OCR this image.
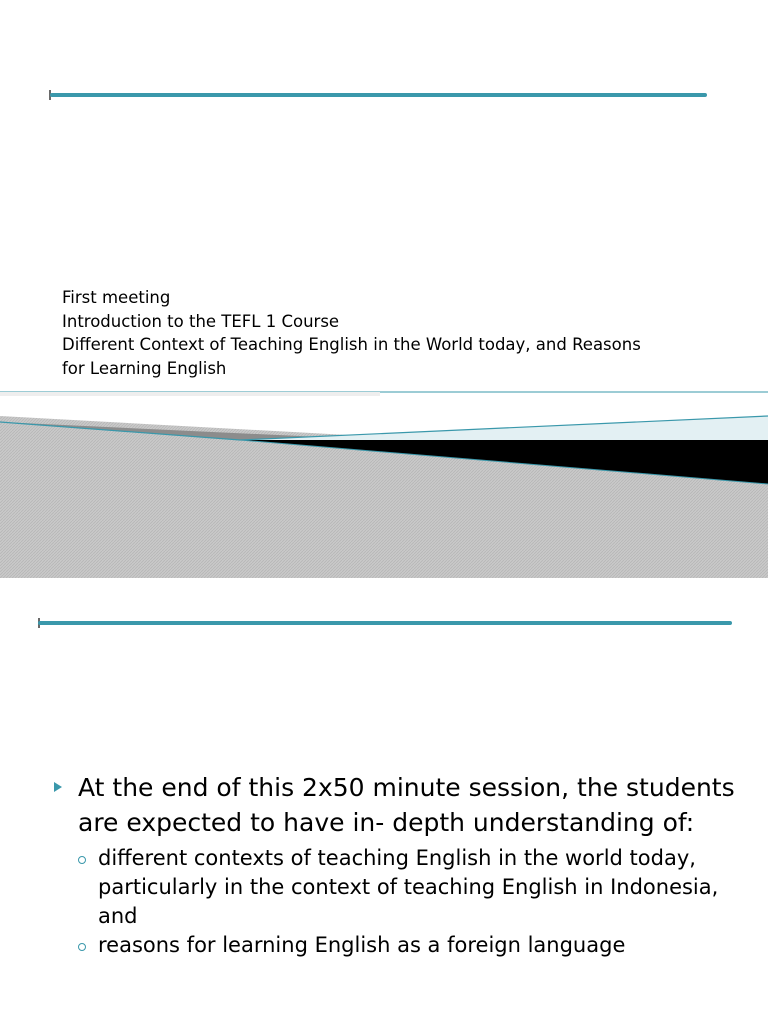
First meeting
Introduction to the TEFL 1 Course
Different Context of Teaching English in the World today, and Reasons
for Learning English
At the end of this 2x50 minute session, the students are expected to have in- depth understanding of:
different contexts of teaching English in the world today, particularly in the context of teaching English in Indonesia, and
reasons for learning English as a foreign language
